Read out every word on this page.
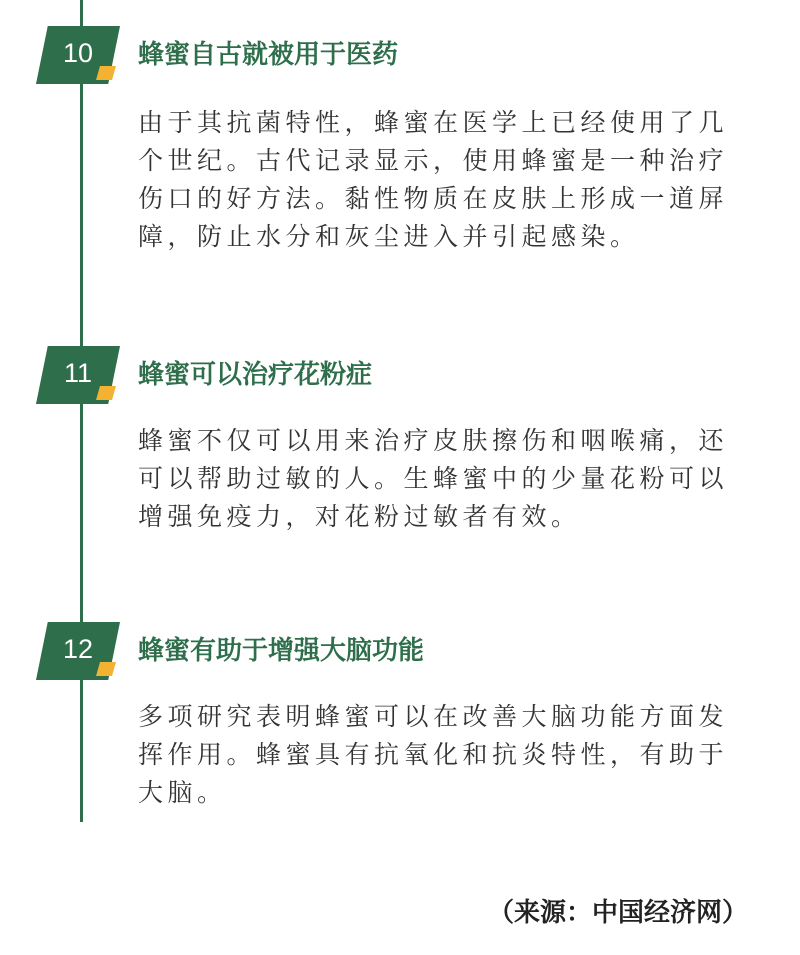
10 蜂蜜自古就被用于医药

由于其抗菌特性，蜂蜜在医学上已经使用了几个世纪。古代记录显示，使用蜂蜜是一种治疗伤口的好方法。黏性物质在皮肤上形成一道屏障，防止水分和灰尘进入并引起感染。

11	蜂蜜可以治疗花粉症

蜂蜜不仅可以用来治疗皮肤擦伤和咽喉痛，还可以帮助过敏的人。生蜂蜜中的少量花粉可以增强免疫力，对花粉过敏者有效。

12 蜂蜜有助于增强大脑功能

多项研究表明蜂蜜可以在改善大脑功能方面发挥作用。蜂蜜具有抗氧化和抗炎特性，有助于大脑。

（来源：中国经济网）
